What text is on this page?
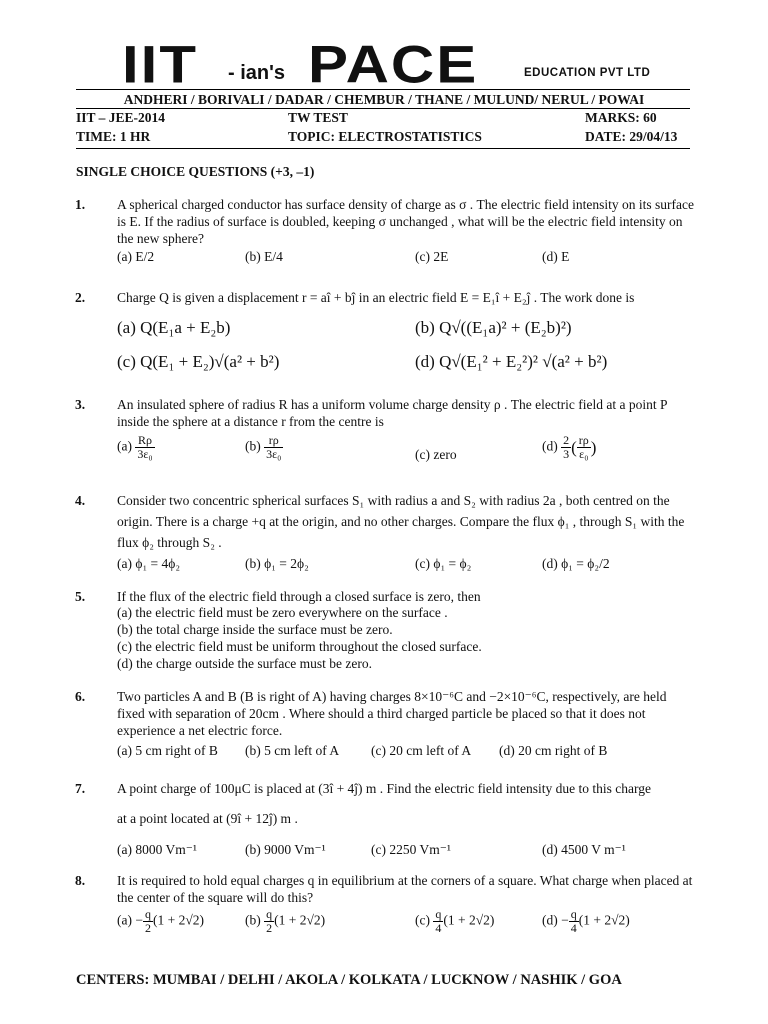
IIT - ian's PACE	EDUCATION PVT LTD
ANDHERI / BORIVALI / DADAR / CHEMBUR / THANE / MULUND/ NERUL / POWAI
IIT – JEE-2014	TW TEST	MARKS: 60
TIME: 1 HR	TOPIC: ELECTROSTATISTICS	DATE: 29/04/13
SINGLE CHOICE QUESTIONS (+3, –1)
1. A spherical charged conductor has surface density of charge as σ . The electric field intensity on its surface is E. If the radius of surface is doubled, keeping σ unchanged , what will be the electric field intensity on the new sphere?
(a) E/2	(b) E/4	(c) 2E	(d) E
2. Charge Q is given a displacement r = aî + bĵ in an electric field E = E₁î + E₂ĵ . The work done is
(a) Q(E₁a + E₂b)	(b) Q√((E₁a)² + (E₂b)²)
(c) Q(E₁ + E₂)√(a² + b²)	(d) Q√(E₁² + E₂²)² √(a² + b²)
3. An insulated sphere of radius R has a uniform volume charge density ρ . The electric field at a point P inside the sphere at a distance r from the centre is
$(a) \frac{R\rho}{\text{3ε₀}}$	$(b) \frac{r\rho}{\text{3ε₀}}$	(c) zero
$(d) \frac{2}{3}$ ( $\frac{r\rho}{\text{ε₀}}$ )
4. Consider two concentric spherical surfaces S₁ with radius a and S₂ with radius 2a , both centred on the origin. There is a charge +q at the origin, and no other charges. Compare the flux ϕ₁ , through S₁ with the flux ϕ₂ through S₂ .
(a) ϕ₁ = 4ϕ₂	(b) ϕ₁ = 2ϕ₂	(c) ϕ₁ = ϕ₂	(d) ϕ₁ = ϕ₂/2
5. If the flux of the electric field through a closed surface is zero, then
(a) the electric field must be zero everywhere on the surface .
(b) the total charge inside the surface must be zero.
(c) the electric field must be uniform throughout the closed surface.
(d) the charge outside the surface must be zero.
6. Two particles A and B (B is right of A) having charges 8×10⁻⁶C and −2×10⁻⁶C, respectively, are held fixed with separation of 20cm . Where should a third charged particle be placed so that it does not experience a net electric force.
(a) 5 cm right of B (b) 5 cm left of A (c) 20 cm left of A (d) 20 cm right of B
7. A point charge of 100μC is placed at (3î + 4ĵ) m . Find the electric field intensity due to this charge
at a point located at (9î + 12ĵ) m .
(a) 8000 Vm⁻¹	(b) 9000 Vm⁻¹	(c) 2250 Vm⁻¹	(d) 4500 V m⁻¹
8. It is required to hold equal charges q in equilibrium at the corners of a square. What charge when placed at the center of the square will do this?
$(a) - \frac{q}{2} (1 + 2√2)$	$(b) \frac{q}{2} (1 + 2√2)$	$(c) \frac{q}{4} (1 + 2√2)$	$(d) - \frac{q}{4} (1 + 2√2)$
CENTERS: MUMBAI / DELHI / AKOLA / KOLKATA / LUCKNOW / NASHIK / GOA
